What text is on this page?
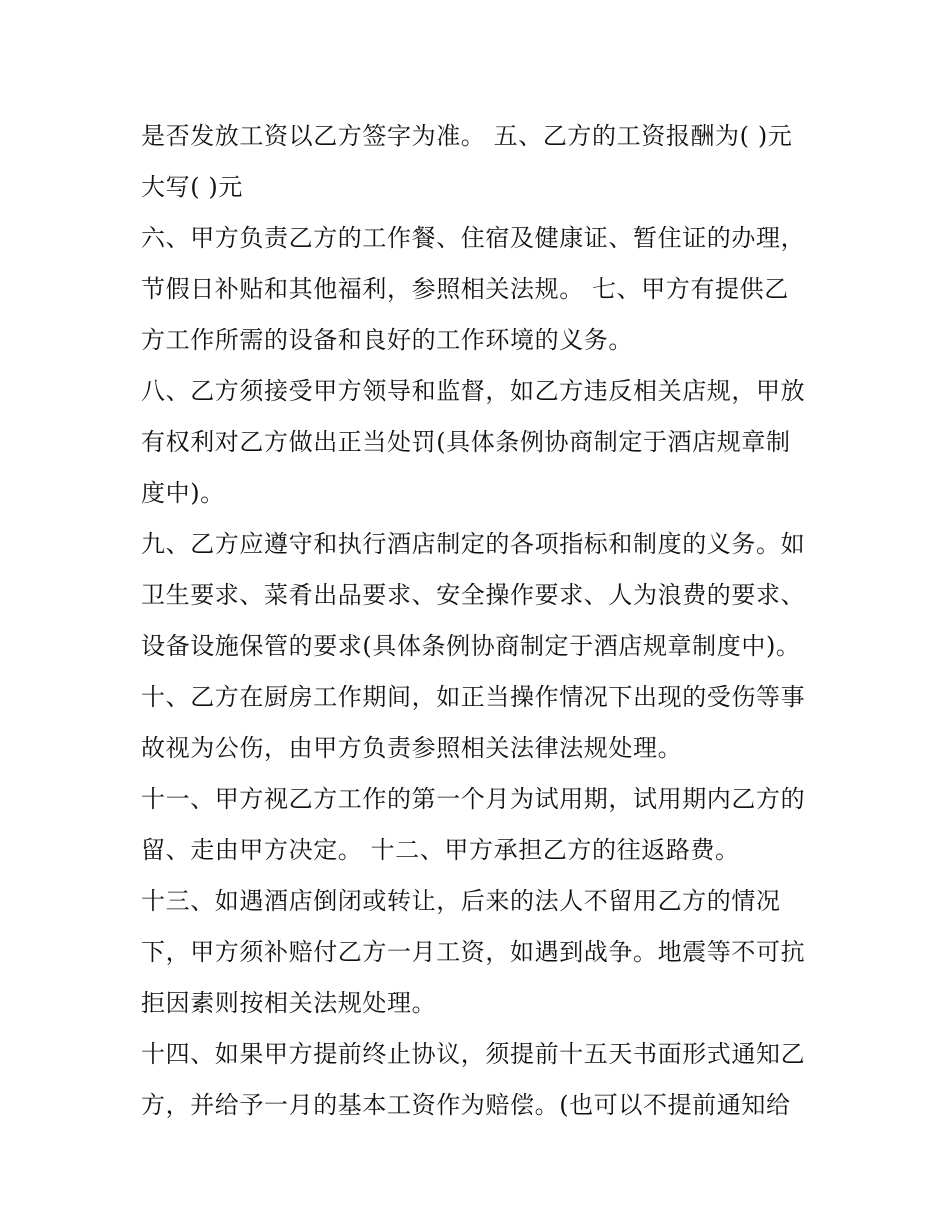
是否发放工资以乙方签字为准。 五、乙方的工资报酬为( )元
大写( )元
六、甲方负责乙方的工作餐、住宿及健康证、暂住证的办理，
节假日补贴和其他福利，参照相关法规。 七、甲方有提供乙
方工作所需的设备和良好的工作环境的义务。
八、乙方须接受甲方领导和监督，如乙方违反相关店规，甲放
有权利对乙方做出正当处罚(具体条例协商制定于酒店规章制
度中)。
九、乙方应遵守和执行酒店制定的各项指标和制度的义务。如
卫生要求、菜肴出品要求、安全操作要求、人为浪费的要求、
设备设施保管的要求(具体条例协商制定于酒店规章制度中)。
十、乙方在厨房工作期间，如正当操作情况下出现的受伤等事
故视为公伤，由甲方负责参照相关法律法规处理。
十一、甲方视乙方工作的第一个月为试用期，试用期内乙方的
留、走由甲方决定。 十二、甲方承担乙方的往返路费。
十三、如遇酒店倒闭或转让，后来的法人不留用乙方的情况
下，甲方须补赔付乙方一月工资，如遇到战争。地震等不可抗
拒因素则按相关法规处理。
十四、如果甲方提前终止协议，须提前十五天书面形式通知乙
方，并给予一月的基本工资作为赔偿。(也可以不提前通知给
